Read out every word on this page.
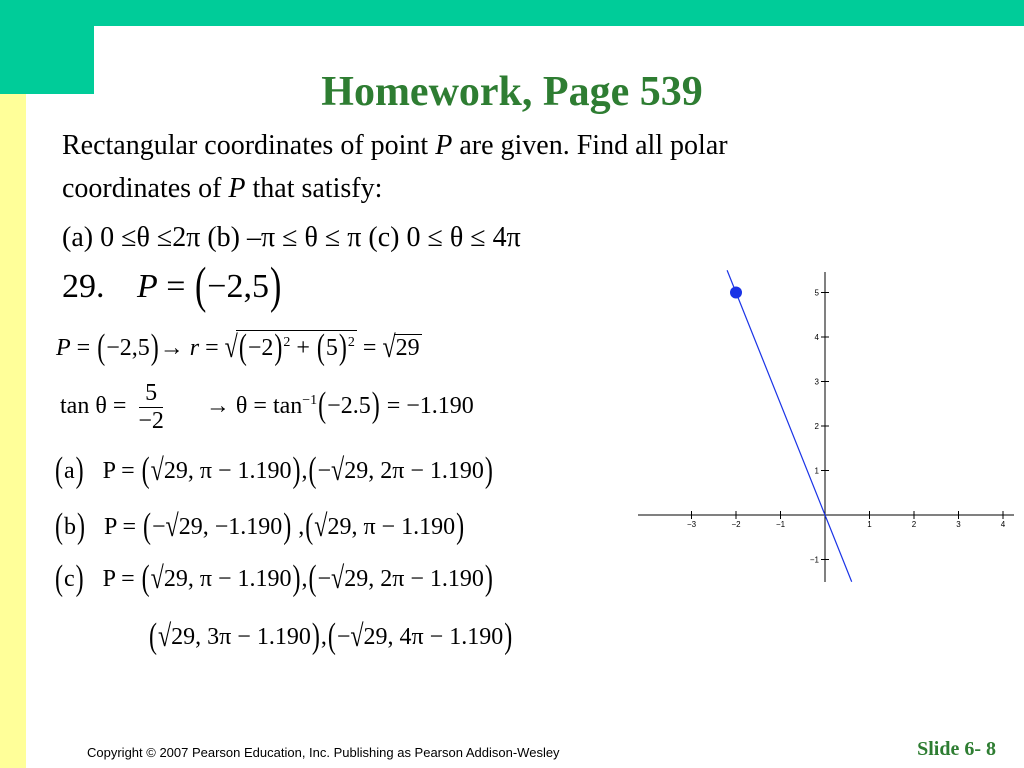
Homework, Page 539
Rectangular coordinates of point P are given. Find all polar
coordinates of P that satisfy:
(a) 0 ≤θ ≤2π (b) –π ≤ θ ≤ π (c) 0 ≤ θ ≤ 4π
29. P = (−2,5)
$P = (-2,5)\to r = √(-2)^2 + (5)^2 = √29$
$\tan \theta = \frac{5}{-2} \to \theta = \tan^{-1}(-2.5) = -1.190$
(a) P = (√29, π − 1.190),(−√29, 2π − 1.190)
(b) P = (−√29, −1.190) ,(√29, π − 1.190)
(c) P = (√29, π − 1.190),(−√29, 2π − 1.190)
(√29, 3π − 1.190),(−√29, 4π − 1.190)
−3	−2	−1	1	2	3	4
−1
1
2
3
4
5
Copyright © 2007 Pearson Education, Inc. Publishing as Pearson Addison-Wesley	Slide 6- 8
